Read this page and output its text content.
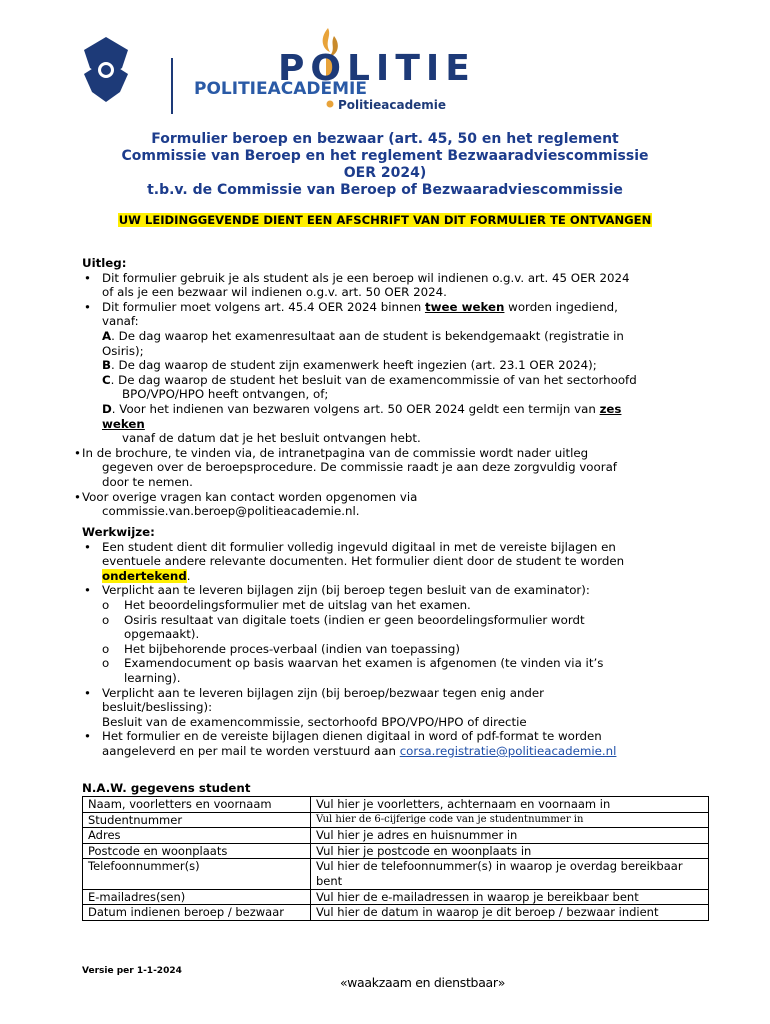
POLITIEACADEMIE
POLITIE
Politieacademie
Formulier beroep en bezwaar (art. 45, 50 en het reglement
Commissie van Beroep en het reglement Bezwaaradviescommissie
OER 2024)
t.b.v. de Commissie van Beroep of Bezwaaradviescommissie
UW LEIDINGGEVENDE DIENT EEN AFSCHRIFT VAN DIT FORMULIER TE ONTVANGEN
Uitleg:
• Dit formulier gebruik je als student als je een beroep wil indienen o.g.v. art. 45 OER 2024
of als je een bezwaar wil indienen o.g.v. art. 50 OER 2024.
• Dit formulier moet volgens art. 45.4 OER 2024 binnen twee weken worden ingediend,
vanaf:
A. De dag waarop het examenresultaat aan de student is bekendgemaakt (registratie in
Osiris);
B. De dag waarop de student zijn examenwerk heeft ingezien (art. 23.1 OER 2024);
C. De dag waarop de student het besluit van de examencommissie of van het sectorhoofd
BPO/VPO/HPO heeft ontvangen, of;
D. Voor het indienen van bezwaren volgens art. 50 OER 2024 geldt een termijn van zes
weken
vanaf de datum dat je het besluit ontvangen hebt.
• In de brochure, te vinden via, de intranetpagina van de commissie wordt nader uitleg
gegeven over de beroepsprocedure. De commissie raadt je aan deze zorgvuldig vooraf
door te nemen.
• Voor overige vragen kan contact worden opgenomen via
commissie.van.beroep@politieacademie.nl.
Werkwijze:
• Een student dient dit formulier volledig ingevuld digitaal in met de vereiste bijlagen en
eventuele andere relevante documenten. Het formulier dient door de student te worden
ondertekend.
• Verplicht aan te leveren bijlagen zijn (bij beroep tegen besluit van de examinator):
o Het beoordelingsformulier met de uitslag van het examen.
o Osiris resultaat van digitale toets (indien er geen beoordelingsformulier wordt
opgemaakt).
o Het bijbehorende proces-verbaal (indien van toepassing)
o Examendocument op basis waarvan het examen is afgenomen (te vinden via it’s
learning).
• Verplicht aan te leveren bijlagen zijn (bij beroep/bezwaar tegen enig ander
besluit/beslissing):
Besluit van de examencommissie, sectorhoofd BPO/VPO/HPO of directie
• Het formulier en de vereiste bijlagen dienen digitaal in word of pdf-format te worden
aangeleverd en per mail te worden verstuurd aan corsa.registratie@politieacademie.nl
N.A.W. gegevens student
Naam, voorletters en voornaam	Vul hier je voorletters, achternaam en voornaam in
Studentnummer	Vul hier de 6-cijferige code van je studentnummer in
Adres	Vul hier je adres en huisnummer in
Postcode en woonplaats	Vul hier je postcode en woonplaats in
Telefoonnummer(s)	Vul hier de telefoonnummer(s) in waarop je overdag bereikbaar bent
E-mailadres(sen)	Vul hier de e-mailadressen in waarop je bereikbaar bent
Datum indienen beroep / bezwaar	Vul hier de datum in waarop je dit beroep / bezwaar indient
Versie per 1-1-2024
«waakzaam en dienstbaar»
